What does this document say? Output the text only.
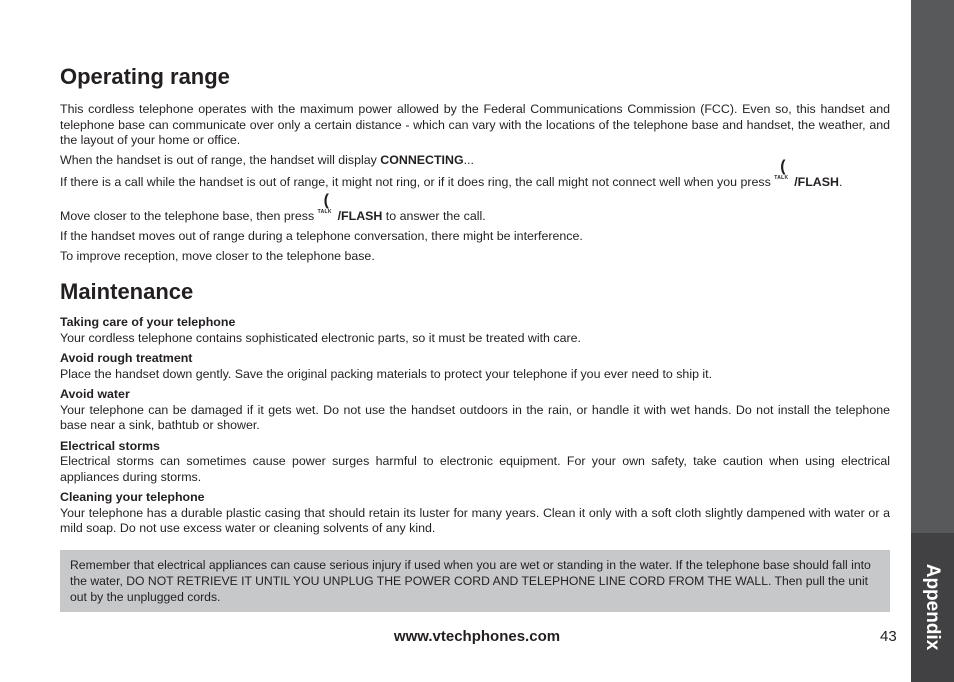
Appendix
Operating range

This cordless telephone operates with the maximum power allowed by the Federal Communications Commission (FCC). Even so, this handset and telephone base can communicate over only a certain distance - which can vary with the locations of the telephone base and handset, the weather, and the layout of your home or office.

When the handset is out of range, the handset will display CONNECTING...

If there is a call while the handset is out of range, it might not ring, or if it does ring, the call might not connect well when you press
(
TALK /FLASH.

Move closer to the telephone base, then press
(
TALK /FLASH to answer the call.

If the handset moves out of range during a telephone conversation, there might be interference.

To improve reception, move closer to the telephone base.

Maintenance
Taking care of your telephone

Your cordless telephone contains sophisticated electronic parts, so it must be treated with care.

Avoid rough treatment

Place the handset down gently. Save the original packing materials to protect your telephone if you ever need to ship it.

Avoid water

Your telephone can be damaged if it gets wet. Do not use the handset outdoors in the rain, or handle it with wet hands. Do not install the telephone base near a sink, bathtub or shower.

Electrical storms

Electrical storms can sometimes cause power surges harmful to electronic equipment. For your own safety, take caution when using electrical appliances during storms.

Cleaning your telephone

Your telephone has a durable plastic casing that should retain its luster for many years. Clean it only with a soft cloth slightly dampened with water or a mild soap. Do not use excess water or cleaning solvents of any kind.

Remember that electrical appliances can cause serious injury if used when you are wet or standing in the water. If the telephone base should fall into the water, DO NOT RETRIEVE IT UNTIL YOU UNPLUG THE POWER CORD AND TELEPHONE LINE CORD FROM THE WALL. Then pull the unit out by the unplugged cords.

www.vtechphones.com	43
